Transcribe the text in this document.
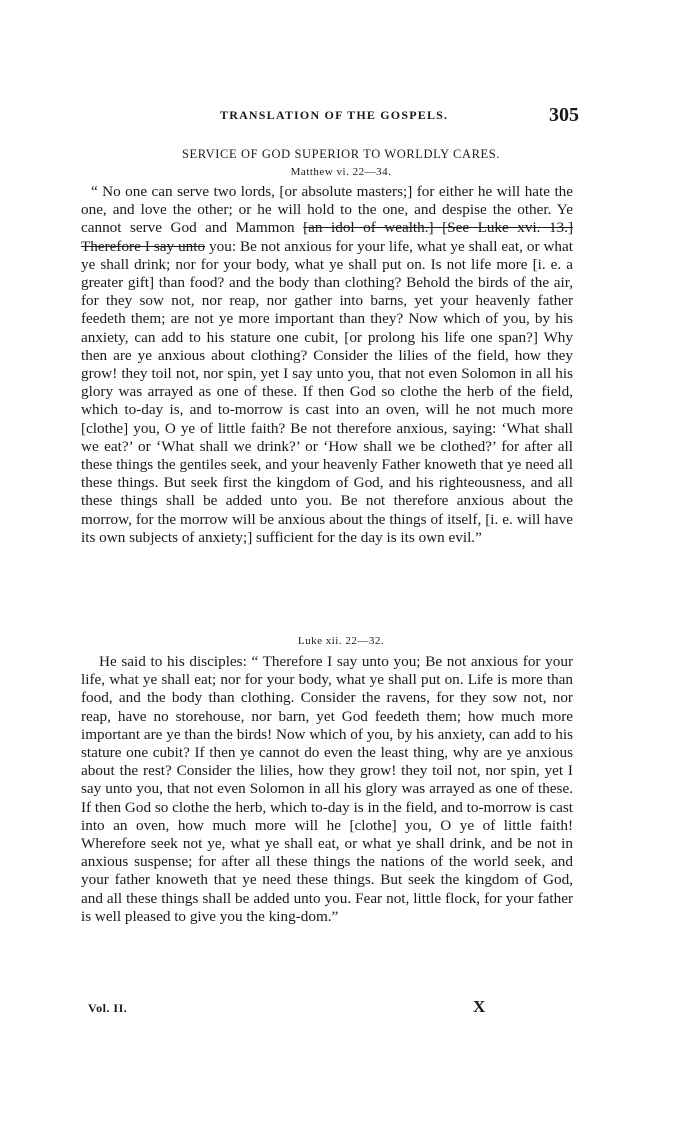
TRANSLATION OF THE GOSPELS.	305
SERVICE OF GOD SUPERIOR TO WORLDLY CARES.
Matthew vi. 22—34.

“ No one can serve two lords, [or absolute masters;] for either he will hate the one, and love the other; or he will hold to the one, and despise the other. Ye cannot serve God and Mammon [an idol of wealth.] [See Luke xvi. 13.] Therefore I say unto you: Be not anxious for your life, what ye shall eat, or what ye shall drink; nor for your body, what ye shall put on. Is not life more [i. e. a greater gift] than food? and the body than clothing? Behold the birds of the air, for they sow not, nor reap, nor gather into barns, yet your heavenly father feedeth them; are not ye more important than they? Now which of you, by his anxiety, can add to his stature one cubit, [or prolong his life one span?] Why then are ye anxious about clothing? Consider the lilies of the field, how they grow! they toil not, nor spin, yet I say unto you, that not even Solomon in all his glory was arrayed as one of these. If then God so clothe the herb of the field, which to-day is, and to-morrow is cast into an oven, will he not much more [clothe] you, O ye of little faith? Be not therefore anxious, saying: ‘What shall we eat?’ or ‘What shall we drink?’ or ‘How shall we be clothed?’ for after all these things the gentiles seek, and your heavenly Father knoweth that ye need all these things. But seek first the kingdom of God, and his righteousness, and all these things shall be added unto you. Be not therefore anxious about the morrow, for the morrow will be anxious about the things of itself, [i. e. will have its own subjects of anxiety;] sufficient for the day is its own evil.”

Luke xii. 22—32.

He said to his disciples: “ Therefore I say unto you; Be not anxious for your life, what ye shall eat; nor for your body, what ye shall put on. Life is more than food, and the body than clothing. Consider the ravens, for they sow not, nor reap, have no storehouse, nor barn, yet God feedeth them; how much more important are ye than the birds! Now which of you, by his anxiety, can add to his stature one cubit? If then ye cannot do even the least thing, why are ye anxious about the rest? Consider the lilies, how they grow! they toil not, nor spin, yet I say unto you, that not even Solomon in all his glory was arrayed as one of these. If then God so clothe the herb, which to-day is in the field, and to-morrow is cast into an oven, how much more will he [clothe] you, O ye of little faith! Wherefore seek not ye, what ye shall eat, or what ye shall drink, and be not in anxious suspense; for after all these things the nations of the world seek, and your father knoweth that ye need these things. But seek the kingdom of God, and all these things shall be added unto you. Fear not, little flock, for your father is well pleased to give you the king-dom.”

Vol. II.	X
